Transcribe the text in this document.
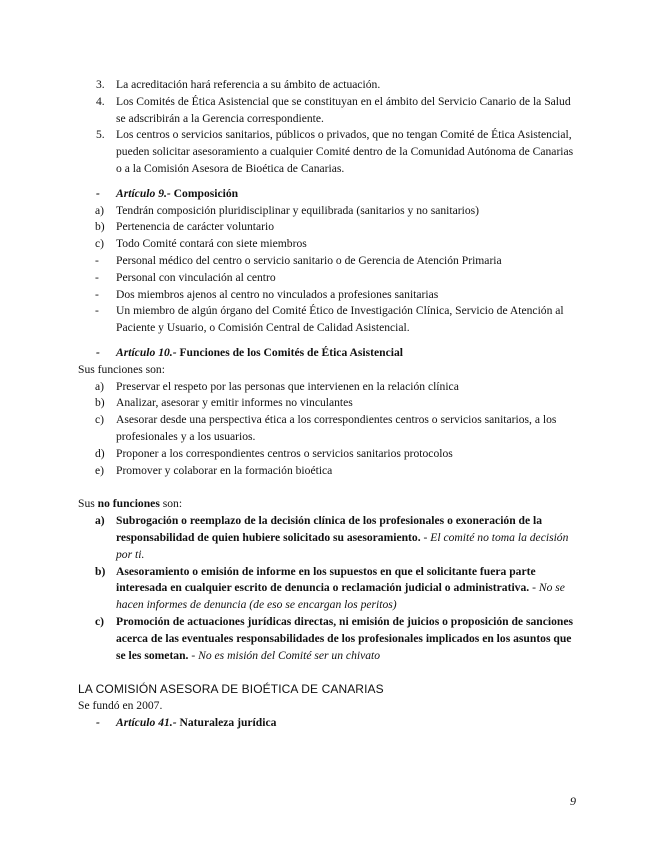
3. La acreditación hará referencia a su ámbito de actuación.
4. Los Comités de Ética Asistencial que se constituyan en el ámbito del Servicio Canario de la Salud se adscribirán a la Gerencia correspondiente.
5. Los centros o servicios sanitarios, públicos o privados, que no tengan Comité de Ética Asistencial, pueden solicitar asesoramiento a cualquier Comité dentro de la Comunidad Autónoma de Canarias o a la Comisión Asesora de Bioética de Canarias.
-	Artículo 9.- Composición
a)	Tendrán composición pluridisciplinar y equilibrada (sanitarios y no sanitarios)
b) Pertenencia de carácter voluntario
c)	Todo Comité contará con siete miembros
-	Personal médico del centro o servicio sanitario o de Gerencia de Atención Primaria
-	Personal con vinculación al centro
-	Dos miembros ajenos al centro no vinculados a profesiones sanitarias
-	Un miembro de algún órgano del Comité Ético de Investigación Clínica, Servicio de Atención al Paciente y Usuario, o Comisión Central de Calidad Asistencial.
-	Artículo 10.- Funciones de los Comités de Ética Asistencial
Sus funciones son:
a)	Preservar el respeto por las personas que intervienen en la relación clínica
b) Analizar, asesorar y emitir informes no vinculantes
c)	Asesorar desde una perspectiva ética a los correspondientes centros o servicios sanitarios, a los profesionales y a los usuarios.
d) Proponer a los correspondientes centros o servicios sanitarios protocolos
e)	Promover y colaborar en la formación bioética
Sus no funciones son:
a) Subrogación o reemplazo de la decisión clínica de los profesionales o exoneración de la responsabilidad de quien hubiere solicitado su asesoramiento. - El comité no toma la decisión por ti.
b) Asesoramiento o emisión de informe en los supuestos en que el solicitante fuera parte interesada en cualquier escrito de denuncia o reclamación judicial o administrativa. - No se hacen informes de denuncia (de eso se encargan los peritos)
c)	Promoción de actuaciones jurídicas directas, ni emisión de juicios o proposición de sanciones acerca de las eventuales responsabilidades de los profesionales implicados en los asuntos que se les sometan. - No es misión del Comité ser un chivato
LA COMISIÓN ASESORA DE BIOÉTICA DE CANARIAS
Se fundó en 2007.
-	Artículo 41.- Naturaleza jurídica
9
